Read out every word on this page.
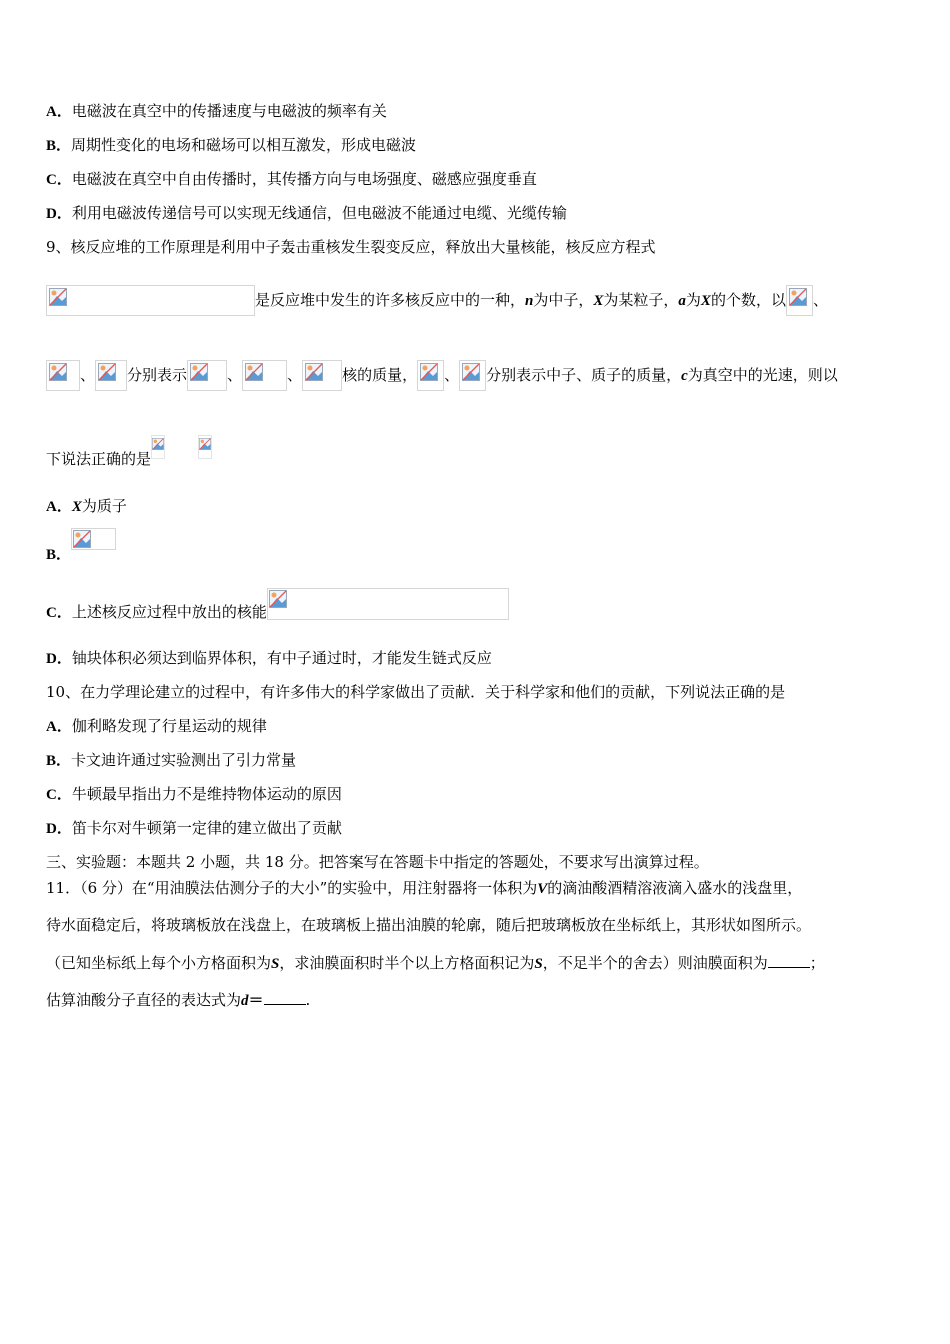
A．电磁波在真空中的传播速度与电磁波的频率有关
B．周期性变化的电场和磁场可以相互激发，形成电磁波
C．电磁波在真空中自由传播时，其传播方向与电场强度、磁感应强度垂直
D．利用电磁波传递信号可以实现无线通信，但电磁波不能通过电缆、光缆传输
9、核反应堆的工作原理是利用中子轰击重核发生裂变反应，释放出大量核能，核反应方程式
是反应堆中发生的许多核反应中的一种，n为中子，X为某粒子，a为X的个数，以 、
、 分别表示	、	、	核的质量， 、 分别表示中子、质子的质量，c为真空中的光速，则以
下说法正确的是
A．X为质子
B．
C．上述核反应过程中放出的核能
D．铀块体积必须达到临界体积，有中子通过时，才能发生链式反应
10、在力学理论建立的过程中，有许多伟大的科学家做出了贡献．关于科学家和他们的贡献，下列说法正确的是
A．伽利略发现了行星运动的规律
B．卡文迪许通过实验测出了引力常量
C．牛顿最早指出力不是维持物体运动的原因
D．笛卡尔对牛顿第一定律的建立做出了贡献
三、实验题：本题共 2 小题，共 18 分。把答案写在答题卡中指定的答题处，不要求写出演算过程。
11．（6 分）在“用油膜法估测分子的大小”的实验中，用注射器将一体积为V的滴油酸酒精溶液滴入盛水的浅盘里，
待水面稳定后，将玻璃板放在浅盘上，在玻璃板上描出油膜的轮廓，随后把玻璃板放在坐标纸上，其形状如图所示。
（已知坐标纸上每个小方格面积为S，求油膜面积时半个以上方格面积记为S，不足半个的舍去）则油膜面积为	；
估算油酸分子直径的表达式为d＝	.
